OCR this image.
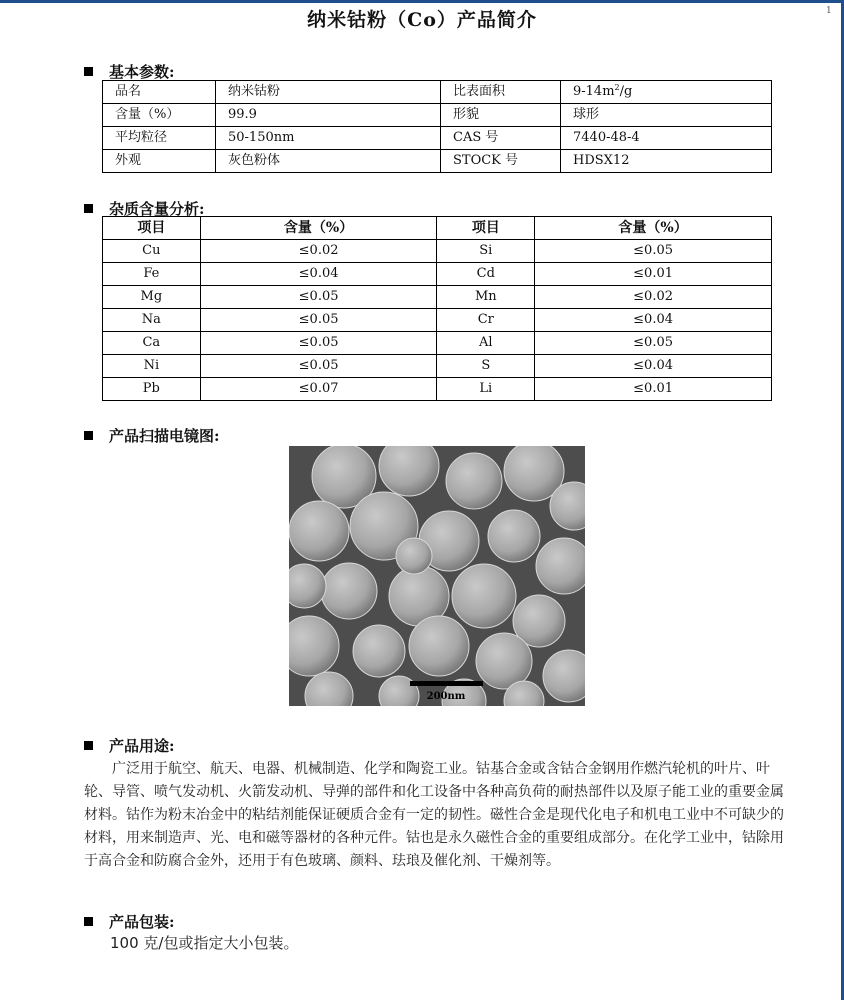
1
纳米钴粉（Co）产品简介
基本参数:
品名	纳米钴粉	比表面积	$9-14m^2/g$
含量（%）	99.9	形貌	球形
平均粒径	50-150nm	CAS 号	7440-48-4
外观	灰色粉体	STOCK 号	HDSX12
杂质含量分析:
项目	含量（%）	项目	含量（%）
Cu	≤0.02	Si	≤0.05
Fe	≤0.04	Cd	≤0.01
Mg	≤0.05	Mn	≤0.02
Na	≤0.05	Cr	≤0.04
Ca	≤0.05	Al	≤0.05
Ni	≤0.05	S	≤0.04
Pb	≤0.07	Li	≤0.01
产品扫描电镜图:
200nm
产品用途:

广泛用于航空、航天、电器、机械制造、化学和陶瓷工业。钴基合金或含钴合金钢用作燃汽轮机的叶片、叶轮、导管、喷气发动机、火箭发动机、导弹的部件和化工设备中各种高负荷的耐热部件以及原子能工业的重要金属材料。钴作为粉末冶金中的粘结剂能保证硬质合金有一定的韧性。磁性合金是现代化电子和机电工业中不可缺少的材料，用来制造声、光、电和磁等器材的各种元件。钴也是永久磁性合金的重要组成部分。在化学工业中，钴除用于高合金和防腐合金外，还用于有色玻璃、颜料、珐琅及催化剂、干燥剂等。

产品包装:

100 克/包或指定大小包装。
